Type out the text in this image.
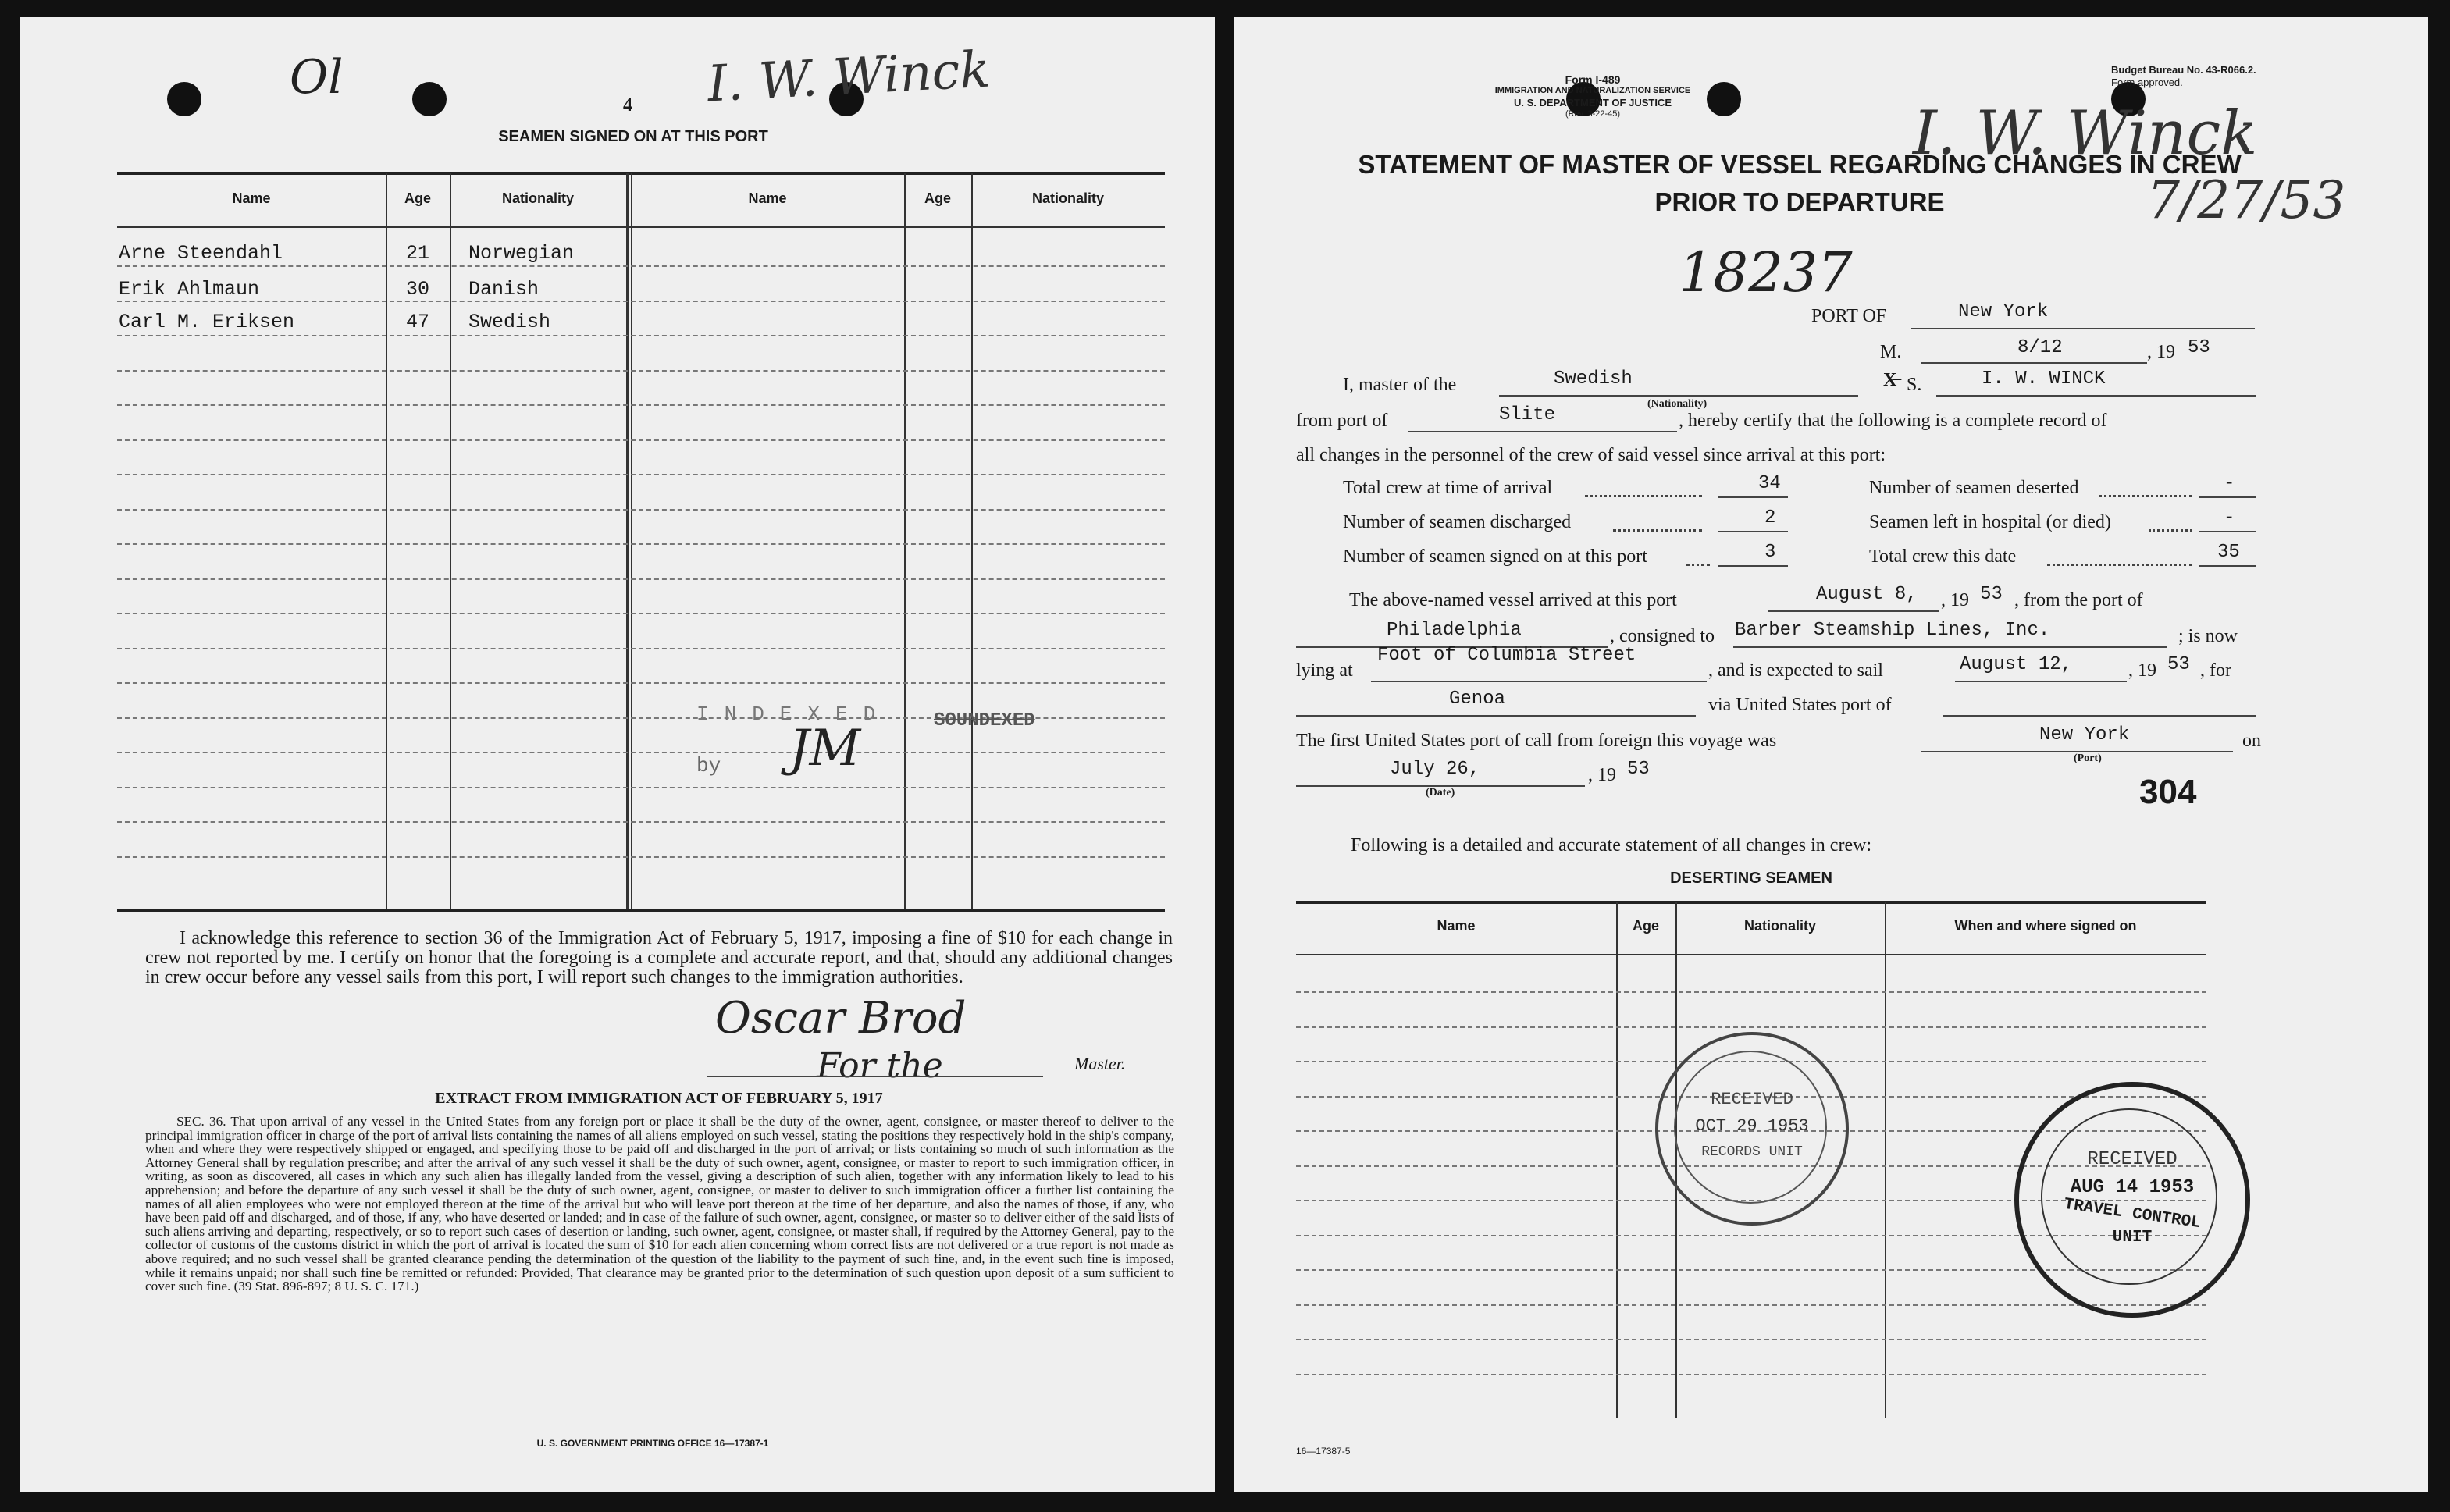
Ol
4 I. W. Winck
SEAMEN SIGNED ON AT THIS PORT
Name	Age	Nationality	Name	Age	Nationality
Arne Steendahl	21 Norwegian
Erik Ahlmaun	30 Danish
Carl M. Eriksen	47 Swedish
INDEXED
by JM	SOUNDEXED
I acknowledge this reference to section 36 of the Immigration Act of February 5, 1917, imposing a fine of $10 for each change in crew not reported by me. I certify on honor that the foregoing is a complete and accurate report, and that, should any additional changes in crew occur before any vessel sails from this port, I will report such changes to the immigration authorities.
Oscar Brod
For the	Master.
EXTRACT FROM IMMIGRATION ACT OF FEBRUARY 5, 1917
SEC. 36. That upon arrival of any vessel in the United States from any foreign port or place it shall be the duty of the owner, agent, consignee, or master thereof to deliver to the principal immigration officer in charge of the port of arrival lists containing the names of all aliens employed on such vessel, stating the positions they respectively hold in the ship's company, when and where they were respectively shipped or engaged, and specifying those to be paid off and discharged in the port of arrival; or lists containing so much of such information as the Attorney General shall by regulation prescribe; and after the arrival of any such vessel it shall be the duty of such owner, agent, consignee, or master to report to such immigration officer, in writing, as soon as discovered, all cases in which any such alien has illegally landed from the vessel, giving a description of such alien, together with any information likely to lead to his apprehension; and before the departure of any such vessel it shall be the duty of such owner, agent, consignee, or master to deliver to such immigration officer a further list containing the names of all alien employees who were not employed thereon at the time of the arrival but who will leave port thereon at the time of her departure, and also the names of those, if any, who have been paid off and discharged, and of those, if any, who have deserted or landed; and in case of the failure of such owner, agent, consignee, or master so to deliver either of the said lists of such aliens arriving and departing, respectively, or so to report such cases of desertion or landing, such owner, agent, consignee, or master shall, if required by the Attorney General, pay to the collector of customs of the customs district in which the port of arrival is located the sum of $10 for each alien concerning whom correct lists are not delivered or a true report is not made as above required; and no such vessel shall be granted clearance pending the determination of the question of the liability to the payment of such fine, and, in the event such fine is imposed, while it remains unpaid; nor shall such fine be remitted or refunded: Provided, That clearance may be granted prior to the determination of such question upon deposit of a sum sufficient to cover such fine. (39 Stat. 896-897; 8 U. S. C. 171.)
U. S. GOVERNMENT PRINTING OFFICE 16—17387-1
Form I-489
IMMIGRATION AND NATURALIZATION SERVICE
U. S. DEPARTMENT OF JUSTICE
(Rev. 3-22-45)
Budget Bureau No. 43-R066.2.
Form approved.
I. W. Winck
7/27/53
STATEMENT OF MASTER OF VESSEL REGARDING CHANGES IN CREW
PRIOR TO DEPARTURE
18237
PORT OF	New York
M.	8/12	, 19 53
I, master of the	Swedish
(Nationality)
X̶ S.	I. W. WINCK
from port of	Slite	, hereby certify that the following is a complete record of
all changes in the personnel of the crew of said vessel since arrival at this port:
Total crew at time of arrival	34
Number of seamen discharged	2
Number of seamen signed on at this port	3
Number of seamen deserted	-
Seamen left in hospital (or died)	-
Total crew this date	35
The above-named vessel arrived at this port	August 8, , 19 53 , from the port of
Philadelphia	, consigned to Barber Steamship Lines, Inc.	; is now
lying at
Foot of Columbia Street
, and is expected to sail	August 12,	, 19 53 , for
Genoa	via United States port of
The first United States port of call from foreign this voyage was	New York
(Port)
on
July 26,
(Date)
, 19 53
304
Following is a detailed and accurate statement of all changes in crew:
DESERTING SEAMEN
Name	Age	Nationality	When and where signed on
RECEIVED
OCT 29 1953
RECORDS UNIT	RECEIVED
AUG 14 1953
TRAVEL CONTROL
UNIT
16—17387-5
